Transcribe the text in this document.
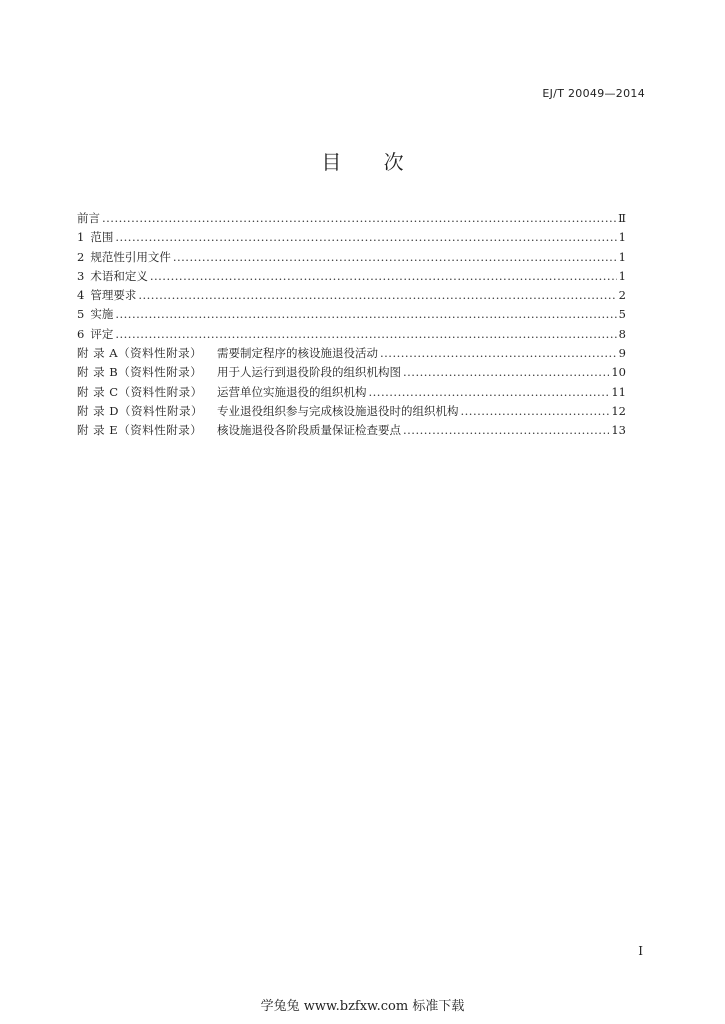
EJ/T 20049—2014
目 次
前言 .....	Ⅱ
1 范围 .....	1
2 规范性引用文件 .....	1
3 术语和定义 .....	1
4 管理要求 .....	2
5 实施 .....	5
6 评定 .....	8
附 录 A（资料性附录）	需要制定程序的核设施退役活动 .....	9
附 录 B（资料性附录）	用于人运行到退役阶段的组织机构图 .....	10
附 录 C（资料性附录）	运营单位实施退役的组织机构 .....	11
附 录 D（资料性附录）	专业退役组织参与完成核设施退役时的组织机构 .....	12
附 录 E（资料性附录）	核设施退役各阶段质量保证检查要点 .....	13
I
学兔兔 www.bzfxw.com 标准下载
